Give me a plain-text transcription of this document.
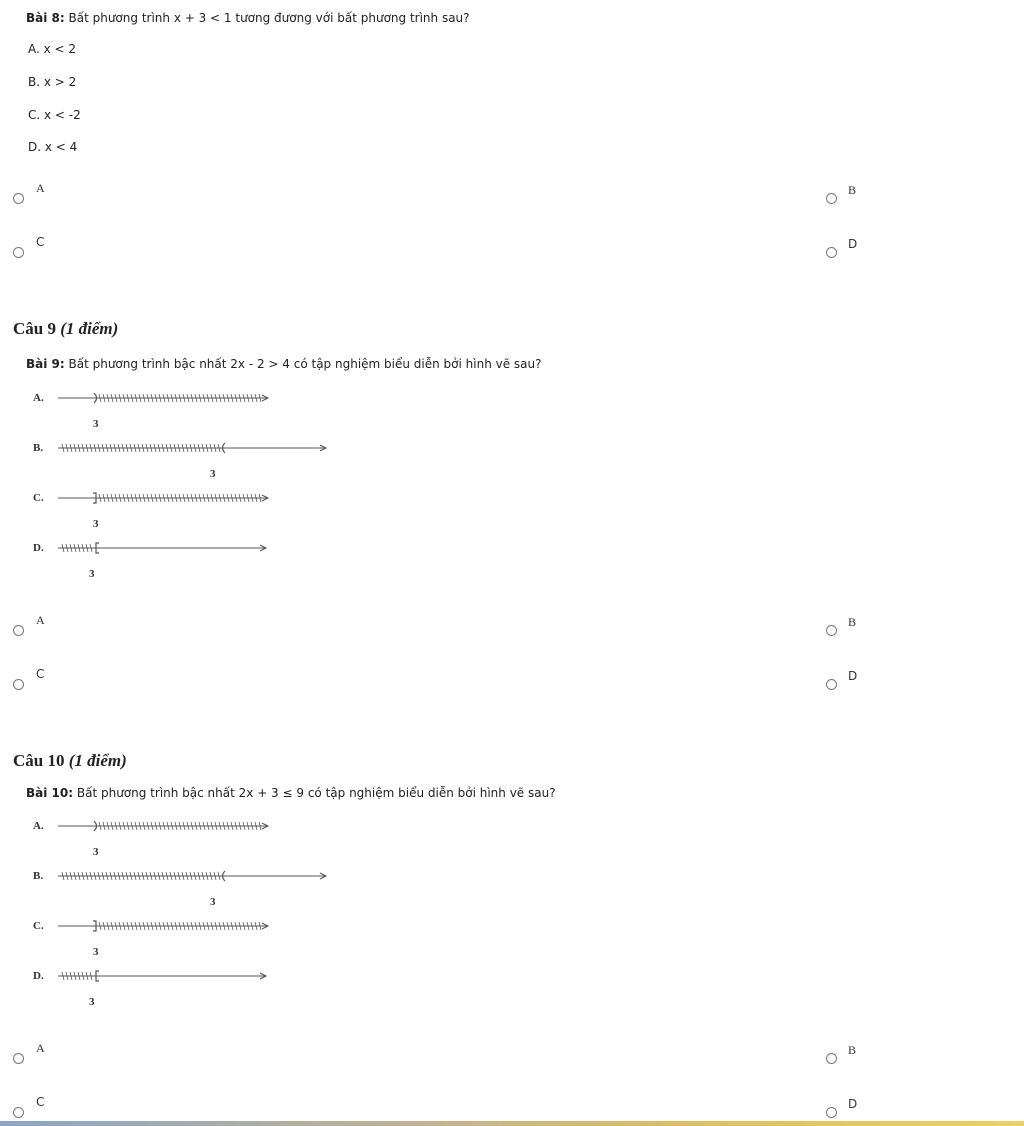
Bài 8: Bất phương trình x + 3 < 1 tương đương với bất phương trình sau?
A. x < 2
B. x > 2
C. x < -2
D. x < 4
A	B
C	D
Câu 9 (1 điểm)
Bài 9: Bất phương trình bậc nhất 2x - 2 > 4 có tập nghiệm biểu diễn bởi hình vẽ sau?
A.
3
B.
3
C.
3
D.
3
A	B
C	D
Câu 10 (1 điểm)
Bài 10: Bất phương trình bậc nhất 2x + 3 ≤ 9 có tập nghiệm biểu diễn bởi hình vẽ sau?
A.
3
B.
3
C.
3
D.
3
A	B
C	D
